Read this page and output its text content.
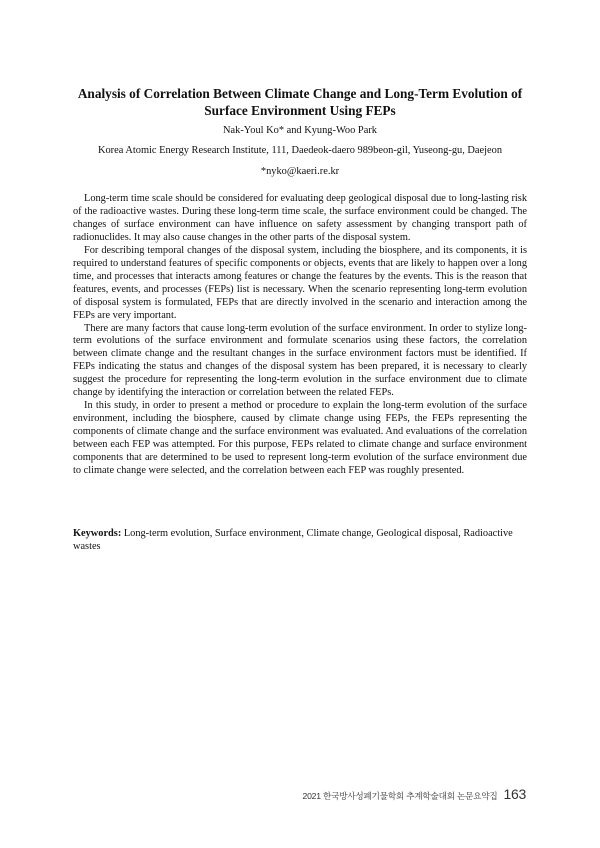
Analysis of Correlation Between Climate Change and Long-Term Evolution of
Surface Environment Using FEPs
Nak-Youl Ko* and Kyung-Woo Park
Korea Atomic Energy Research Institute, 111, Daedeok-daero 989beon-gil, Yuseong-gu, Daejeon
*nyko@kaeri.re.kr

Long-term time scale should be considered for evaluating deep geological disposal due to long-lasting risk of the radioactive wastes. During these long-term time scale, the surface environment could be changed. The changes of surface environment can have influence on safety assessment by changing transport path of radionuclides. It may also cause changes in the other parts of the disposal system.

For describing temporal changes of the disposal system, including the biosphere, and its components, it is required to understand features of specific components or objects, events that are likely to happen over a long time, and processes that interacts among features or change the features by the events. This is the reason that features, events, and processes (FEPs) list is necessary. When the scenario representing long-term evolution of disposal system is formulated, FEPs that are directly involved in the scenario and interaction among the FEPs are very important.

There are many factors that cause long-term evolution of the surface environment. In order to stylize long-term evolutions of the surface environment and formulate scenarios using these factors, the correlation between climate change and the resultant changes in the surface environment factors must be identified. If FEPs indicating the status and changes of the disposal system has been prepared, it is necessary to clearly suggest the procedure for representing the long-term evolution in the surface environment due to climate change by identifying the interaction or correlation between the related FEPs.

In this study, in order to present a method or procedure to explain the long-term evolution of the surface environment, including the biosphere, caused by climate change using FEPs, the FEPs representing the components of climate change and the surface environment was evaluated. And evaluations of the correlation between each FEP was attempted. For this purpose, FEPs related to climate change and surface environment components that are determined to be used to represent long-term evolution of the surface environment due to climate change were selected, and the correlation between each FEP was roughly presented.

Keywords: Long-term evolution, Surface environment, Climate change, Geological disposal, Radioactive wastes
2021 한국방사성폐기물학회 추계학술대회 논문요약집 163
